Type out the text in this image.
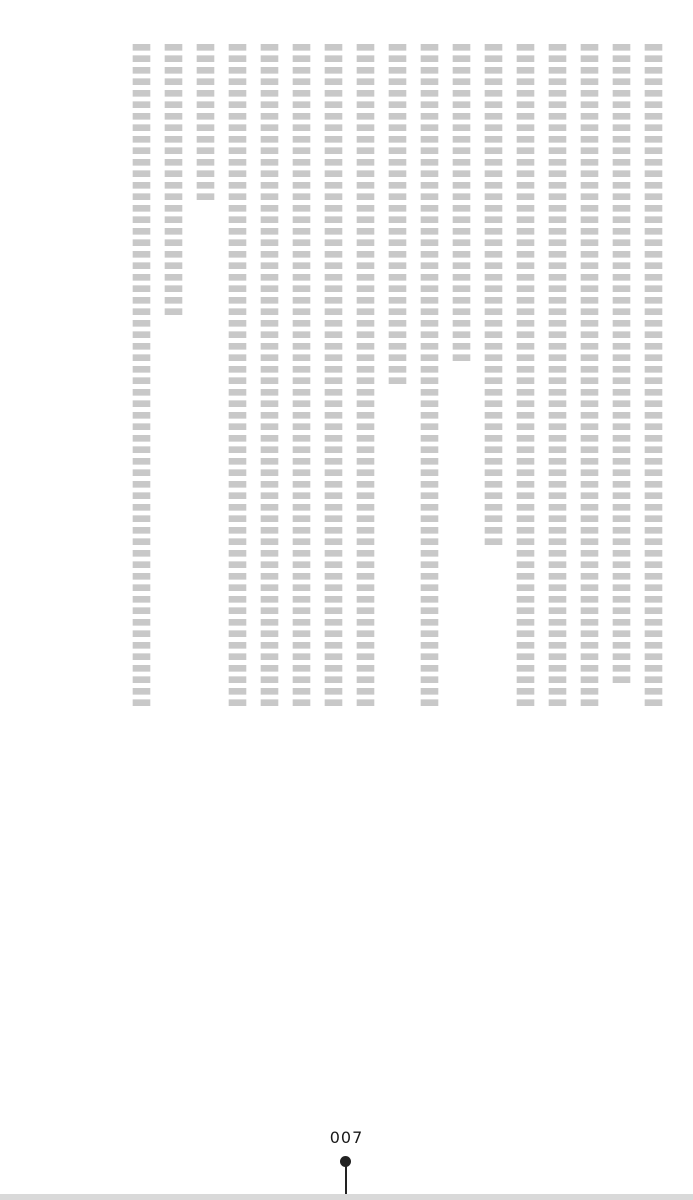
〓〓〓〓〓〓〓〓〓〓〓〓〓〓〓〓〓〓〓〓〓〓〓〓〓〓〓〓〓
〓〓〓〓〓〓〓〓〓〓〓〓〓〓〓〓〓〓〓〓〓〓〓〓〓〓〓〓
〓〓〓〓〓〓〓〓〓〓〓〓〓〓〓〓〓〓〓〓〓〓〓〓〓〓〓〓〓
〓〓〓〓〓〓〓〓〓〓〓〓〓〓〓〓〓〓〓〓〓〓〓〓〓〓〓〓〓
〓〓〓〓〓〓〓〓〓〓〓〓〓〓〓〓〓〓〓〓〓〓〓〓〓〓〓〓〓
〓〓〓〓〓〓〓〓〓〓〓〓〓〓〓〓〓〓〓〓〓〓
〓〓〓〓〓〓〓〓〓〓〓〓〓〓
〓〓〓〓〓〓〓〓〓〓〓〓〓〓〓〓〓〓〓〓〓〓〓〓〓〓〓〓〓
〓〓〓〓〓〓〓〓〓〓〓〓〓〓〓
〓〓〓〓〓〓〓〓〓〓〓〓〓〓〓〓〓〓〓〓〓〓〓〓〓〓〓〓〓
〓〓〓〓〓〓〓〓〓〓〓〓〓〓〓〓〓〓〓〓〓〓〓〓〓〓〓〓〓
〓〓〓〓〓〓〓〓〓〓〓〓〓〓〓〓〓〓〓〓〓〓〓〓〓〓〓〓〓
〓〓〓〓〓〓〓〓〓〓〓〓〓〓〓〓〓〓〓〓〓〓〓〓〓〓〓〓〓
〓〓〓〓〓〓〓〓〓〓〓〓〓〓〓〓〓〓〓〓〓〓〓〓〓〓〓〓〓
〓〓〓〓〓〓〓
〓〓〓〓〓〓〓〓〓〓〓〓
〓〓〓〓〓〓〓〓〓〓〓〓〓〓〓〓〓〓〓〓〓〓〓〓〓〓〓〓〓
007
